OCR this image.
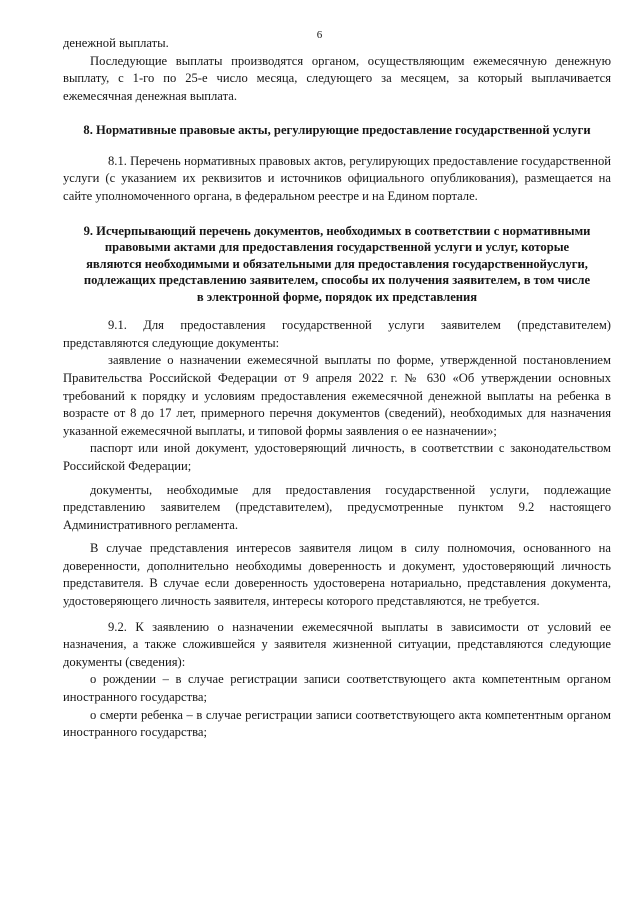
6

денежной выплаты.

Последующие выплаты производятся органом, осуществляющим ежемесячную денежную выплату, с 1-го по 25-е число месяца, следующего за месяцем, за который выплачивается ежемесячная денежная выплата.

8. Нормативные правовые акты, регулирующие предоставление государственной услуги

8.1. Перечень нормативных правовых актов, регулирующих предоставление государственной услуги (с указанием их реквизитов и источников официального опубликования), размещается на сайте уполномоченного органа, в федеральном реестре и на Едином портале.

9. Исчерпывающий перечень документов, необходимых в соответствии с нормативными правовыми актами для предоставления государственной услуги и услуг, которые являются необходимыми и обязательными для предоставления государственнойуслуги, подлежащих представлению заявителем, способы их получения заявителем, в том числе в электронной форме, порядок их представления

9.1. Для предоставления государственной услуги заявителем (представителем) представляются следующие документы:

заявление о назначении ежемесячной выплаты по форме, утвержденной постановлением Правительства Российской Федерации от 9 апреля 2022 г. № 630 «Об утверждении основных требований к порядку и условиям предоставления ежемесячной денежной выплаты на ребенка в возрасте от 8 до 17 лет, примерного перечня документов (сведений), необходимых для назначения указанной ежемесячной выплаты, и типовой формы заявления о ее назначении»;

паспорт или иной документ, удостоверяющий личность, в соответствии с законодательством Российской Федерации;

документы, необходимые для предоставления государственной услуги, подлежащие представлению заявителем (представителем), предусмотренные пунктом 9.2 настоящего Административного регламента.

В случае представления интересов заявителя лицом в силу полномочия, основанного на доверенности, дополнительно необходимы доверенность и документ, удостоверяющий личность представителя. В случае если доверенность удостоверена нотариально, представления документа, удостоверяющего личность заявителя, интересы которого представляются, не требуется.

9.2. К заявлению о назначении ежемесячной выплаты в зависимости от условий ее назначения, а также сложившейся у заявителя жизненной ситуации, представляются следующие документы (сведения):

о рождении – в случае регистрации записи соответствующего акта компетентным органом иностранного государства;

о смерти ребенка – в случае регистрации записи соответствующего акта компетентным органом иностранного государства;
